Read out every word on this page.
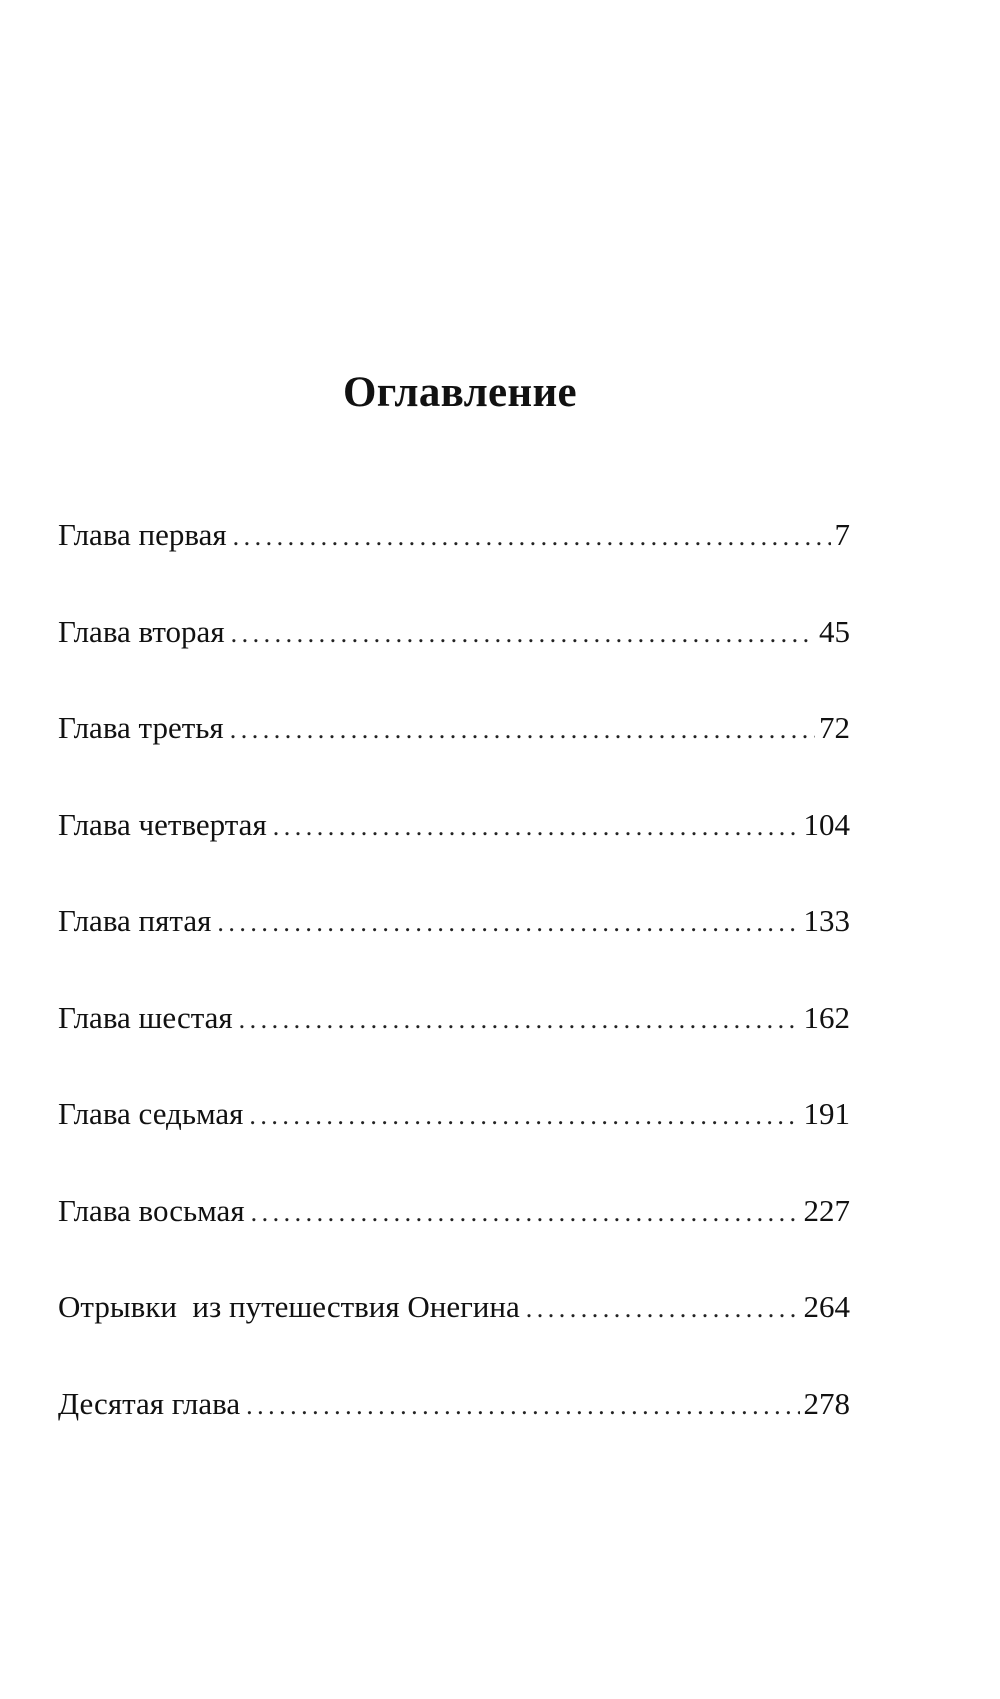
Оглавление
Глава первая . . .	7
Глава вторая . . .	45
Глава третья . . .	72
Глава четвертая . . .	104
Глава пятая . . .	133
Глава шестая . . .	162
Глава седьмая . . .	191
Глава восьмая . . .	227
Отрывки  из путешествия Онегина . . .	264
Десятая глава . . .	278
